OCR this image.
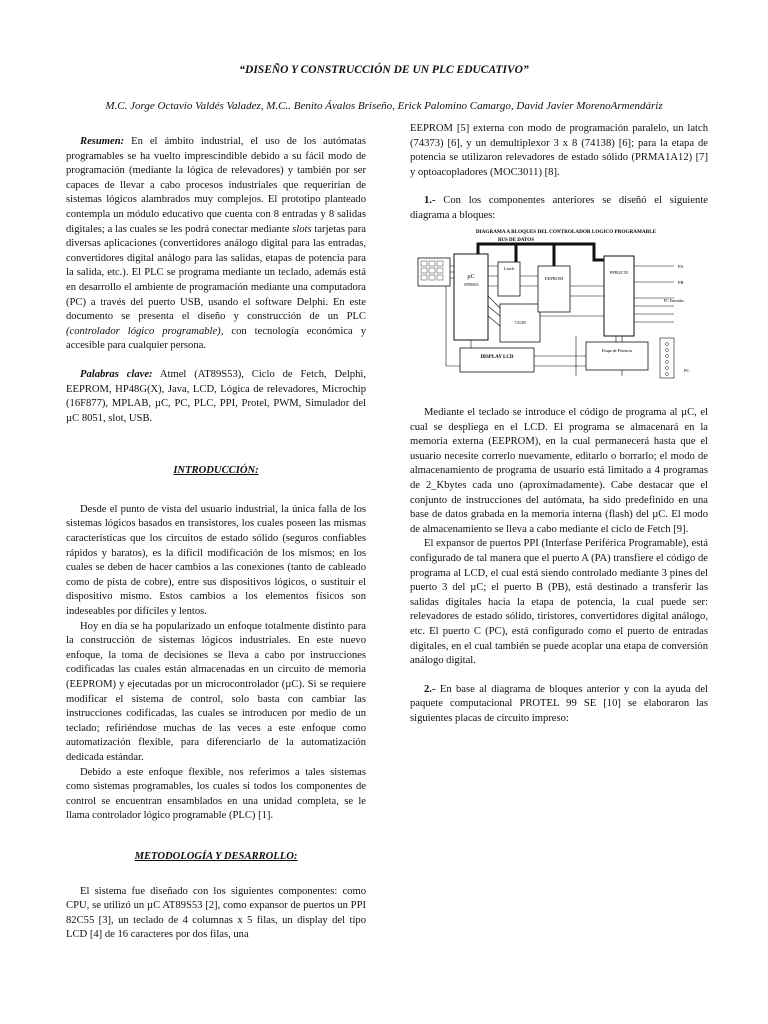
“DISEÑO Y CONSTRUCCIÓN DE UN PLC EDUCATIVO”
M.C. Jorge Octavio Valdés Valadez, M.C.. Benito Ávalos Briseño, Erick Palomino Camargo, David Javier MorenoArmendáriz

Resumen: En el ámbito industrial, el uso de los autómatas programables se ha vuelto imprescindible debido a su fácil modo de programación (mediante la lógica de relevadores) y también por ser capaces de llevar a cabo procesos industriales que requerirían de sistemas lógicos alambrados muy complejos. El prototipo planteado contempla un módulo educativo que cuenta con 8 entradas y 8 salidas digitales; a las cuales se les podrá conectar mediante slots tarjetas para diversas aplicaciones (convertidores análogo digital para las entradas, convertidores digital análogo para las salidas, etapas de potencia para la salida, etc.). El PLC se programa mediante un teclado, además está en desarrollo el ambiente de programación mediante una computadora (PC) a través del puerto USB, usando el software Delphi. En este documento se presenta el diseño y construcción de un PLC (controlador lógico programable), con tecnología económica y accesible para cualquier persona.

Palabras clave: Atmel (AT89S53), Ciclo de Fetch, Delphi, EEPROM, HP48G(X), Java, LCD, Lógica de relevadores, Microchip (16F877), MPLAB, µC, PC, PLC, PPI, Protel, PWM, Simulador del µC 8051, slot, USB.

INTRODUCCIÓN:

Desde el punto de vista del usuario industrial, la única falla de los sistemas lógicos basados en transistores, los cuales poseen las mismas características que los circuitos de estado sólido (seguros confiables rápidos y baratos), es la difícil modificación de los mismos; en los cuales se deben de hacer cambios a las conexiones (tanto de cableado como de pista de cobre), entre sus dispositivos lógicos, o sustituir el dispositivo mismo. Estos cambios a los elementos físicos son indeseables por difíciles y lentos.

Hoy en día se ha popularizado un enfoque totalmente distinto para la construcción de sistemas lógicos industriales. En este nuevo enfoque, la toma de decisiones se lleva a cabo por instrucciones codificadas las cuales están almacenadas en un circuito de memoria (EEPROM) y ejecutadas por un microcontrolador (µC). Si se requiere modificar el sistema de control, solo basta con cambiar las instrucciones codificadas, las cuales se introducen por medio de un teclado; refiriéndose muchas de las veces a este enfoque como automatización flexible, para diferenciarlo de la automatización dedicada estándar.

Debido a este enfoque flexible, nos referimos a tales sistemas como sistemas programables, los cuales si todos los componentes de control se encuentran ensamblados en una unidad completa, se le llama controlador lógico programable (PLC) [1].

METODOLOGÍA Y DESARROLLO:

El sistema fue diseñado con los siguientes componentes: como CPU, se utilizó un µC AT89S53 [2], como expansor de puertos un PPI 82C55 [3], un teclado de 4 columnas x 5 filas, un display del tipo LCD [4] de 16 caracteres por dos filas, una

EEPROM [5] externa con modo de programación paralelo, un latch (74373) [6], y un demultiplexor 3 x 8 (74138) [6]; para la etapa de potencia se utilizaron relevadores de estado sólido (PRMA1A12) [7] y optoacopladores (MOC3011) [8].

1.- Con los componentes anteriores se diseñó el siguiente diagrama a bloques:

DIAGRAMA A BLOQUES DEL CONTROLADOR LOGICO PROGRAMABLE
BUS DE DATOS
µC
AT89S53
Latch
74138
EEPROM
PPI82C55
PA
PB
PC Entradas
DISPLAY LCD
Etapa de Potencia
PC

Mediante el teclado se introduce el código de programa al µC, el cual se despliega en el LCD. El programa se almacenará en la memoria externa (EEPROM), en la cual permanecerá hasta que el usuario necesite correrlo nuevamente, editarlo o borrarlo; el modo de almacenamiento de programa de usuario está limitado a 4 programas de 2_Kbytes cada uno (aproximadamente). Cabe destacar que el conjunto de instrucciones del autómata, ha sido predefinido en una base de datos grabada en la memoria interna (flash) del µC. El modo de almacenamiento se lleva a cabo mediante el ciclo de Fetch [9].

El expansor de puertos PPI (Interfase Periférica Programable), está configurado de tal manera que el puerto A (PA) transfiere el código de programa al LCD, el cual está siendo controlado mediante 3 pines del puerto 3 del µC; el puerto B (PB), está destinado a transferir las salidas digitales hacia la etapa de potencia, la cual puede ser: relevadores de estado sólido, tiristores, convertidores digital análogo, etc. El puerto C (PC), está configurado como el puerto de entradas digitales, en el cual también se puede acoplar una etapa de conversión análogo digital.

2.- En base al diagrama de bloques anterior y con la ayuda del paquete computacional PROTEL 99 SE [10] se elaboraron las siguientes placas de circuito impreso:
